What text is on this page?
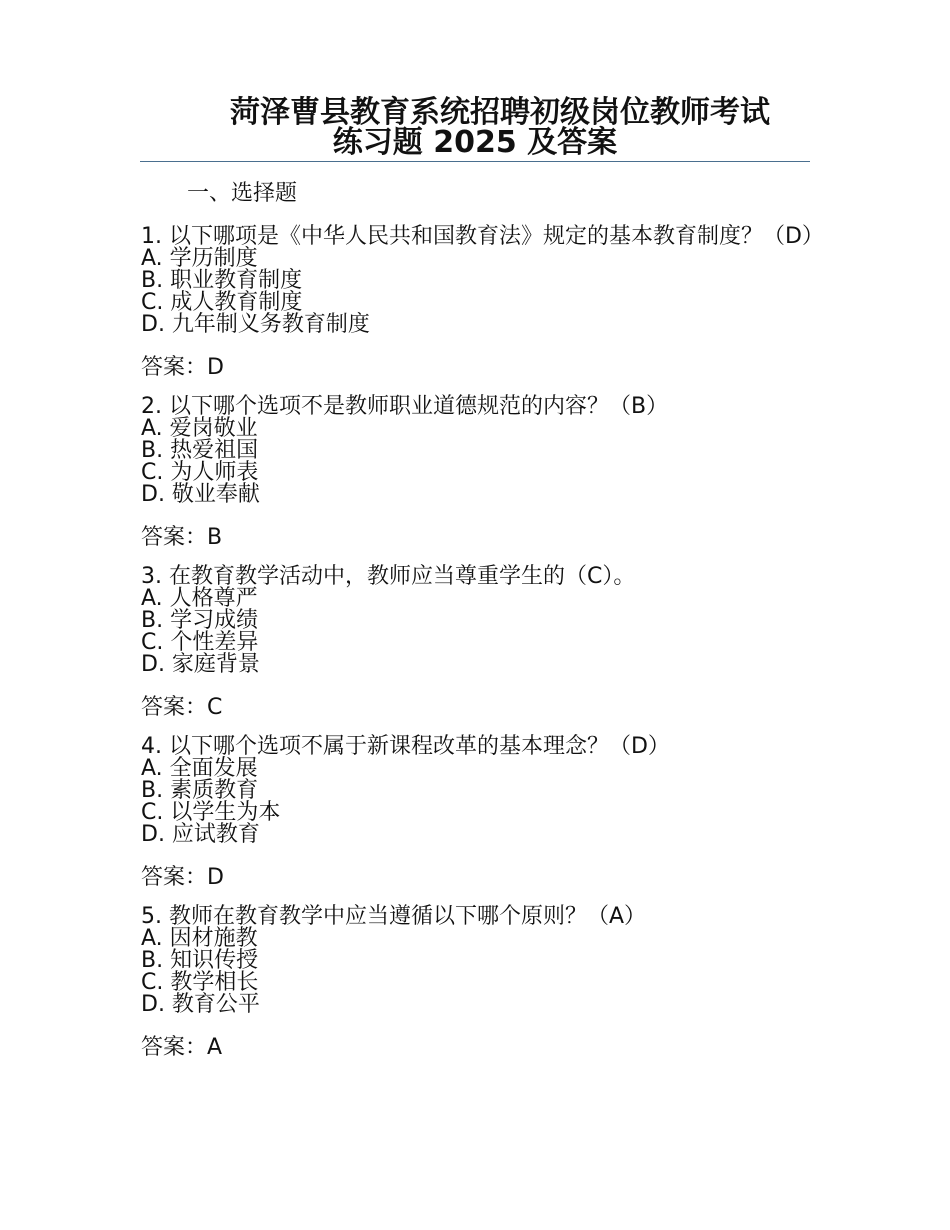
菏泽曹县教育系统招聘初级岗位教师考试
练习题 2025 及答案
一、选择题

1. 以下哪项是《中华人民共和国教育法》规定的基本教育制度？（D）

A. 学历制度
B. 职业教育制度
C. 成人教育制度
D. 九年制义务教育制度
答案：D

2. 以下哪个选项不是教师职业道德规范的内容？（B）

A. 爱岗敬业
B. 热爱祖国
C. 为人师表
D. 敬业奉献
答案：B

3. 在教育教学活动中，教师应当尊重学生的（C）。

A. 人格尊严
B. 学习成绩
C. 个性差异
D. 家庭背景
答案：C

4. 以下哪个选项不属于新课程改革的基本理念？（D）

A. 全面发展
B. 素质教育
C. 以学生为本
D. 应试教育
答案：D

5. 教师在教育教学中应当遵循以下哪个原则？（A）

A. 因材施教
B. 知识传授
C. 教学相长
D. 教育公平
答案：A
